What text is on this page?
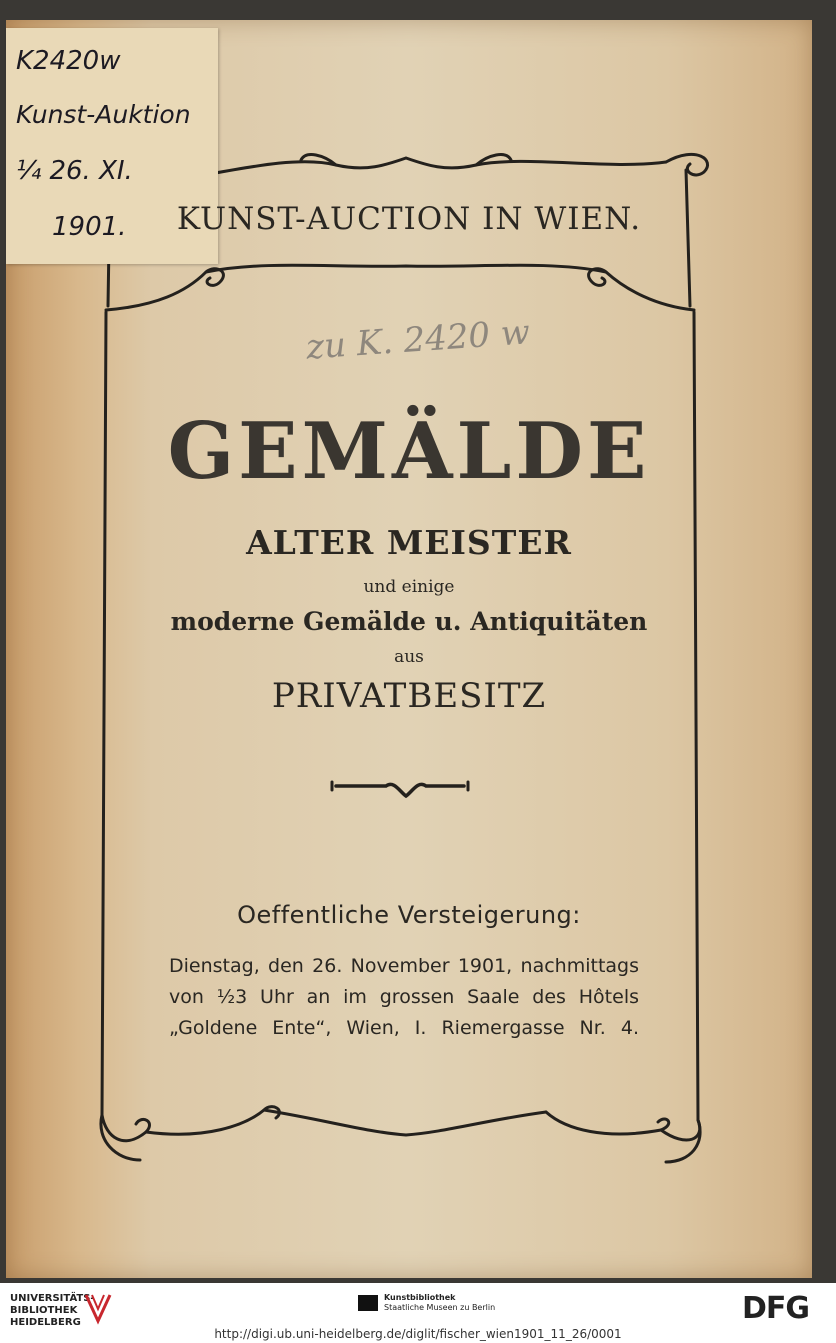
K2420w
Kunst-Auktion
¼ 26. XI.
1901.	KUNST-AUCTION IN WIEN.
zu K. 2420 w
GEMÄLDE
ALTER MEISTER
und einige
moderne Gemälde u. Antiquitäten
aus
PRIVATBESITZ
Oeffentliche Versteigerung:
Dienstag, den 26. November 1901, nachmittags
von ½3 Uhr an im grossen Saale des Hôtels
„Goldene Ente“, Wien, I. Riemergasse Nr. 4.
UNIVERSITÄTS-
BIBLIOTHEK
HEIDELBERG
Kunstbibliothek
Staatliche Museen zu Berlin	DFG
http://digi.ub.uni-heidelberg.de/diglit/fischer_wien1901_11_26/0001
